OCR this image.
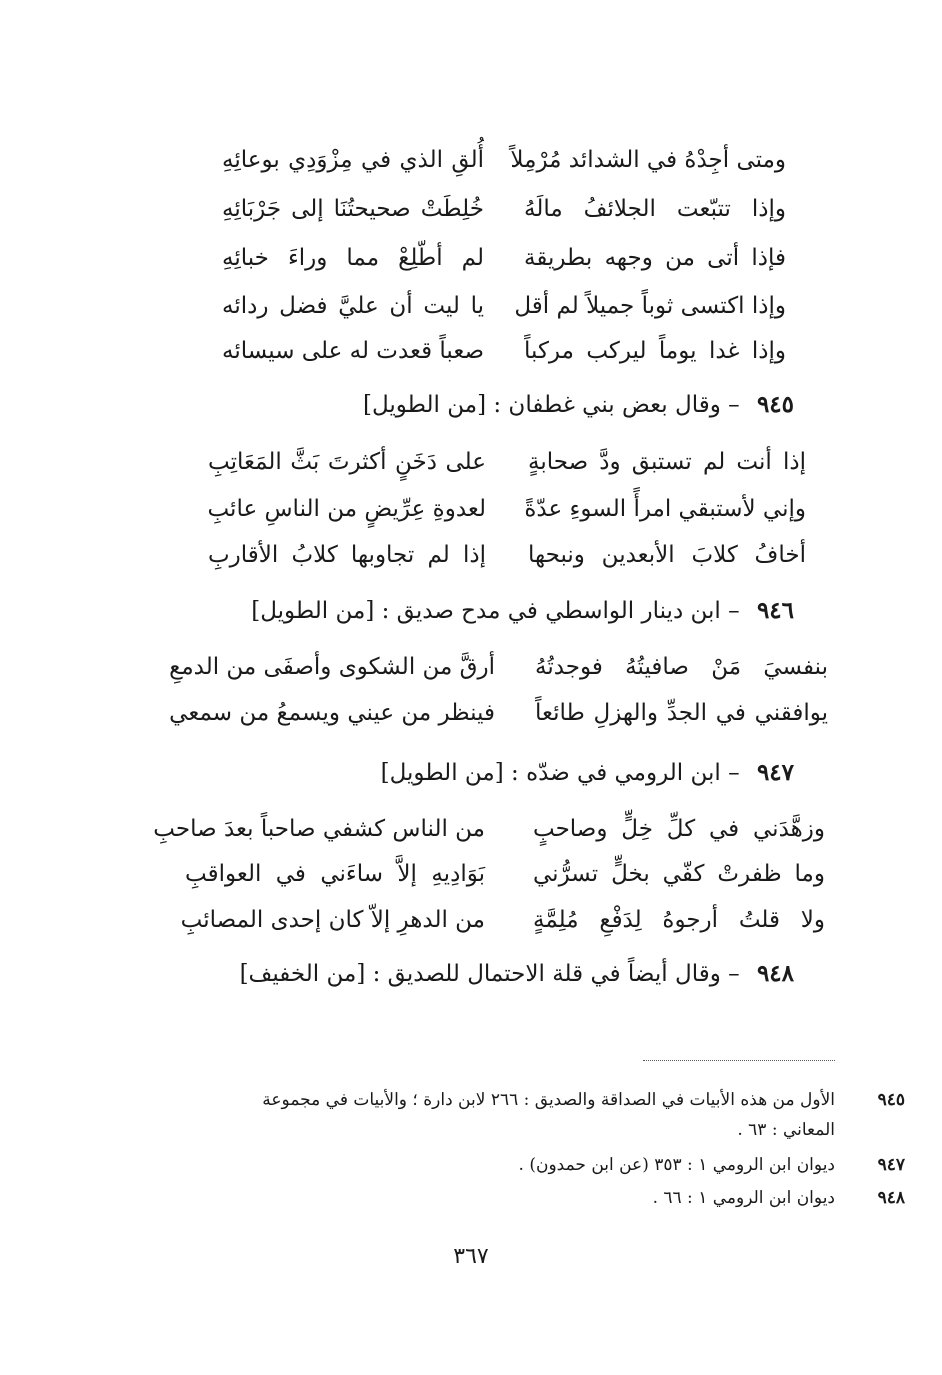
ومتى أجِدْهُ في الشدائد مُرْمِلاً
أُلقِ الذي في مِزْوَدِي بوعائِهِ
وإذا تتبّعت الجلائفُ مالَهُ
خُلِطَتْ صحيحتُنَا إلى جَرْبَائِهِ
فإذا أتى من وجهه بطريقة
لم أطّلِعْ مما وراءَ خبائِهِ
وإذا اكتسى ثوباً جميلاً لم أقل
يا ليت أن عليَّ فضل ردائه
وإذا غدا يوماً ليركب مركباً
صعباً قعدت له على سيسائه
٩٤٥ – وقال بعض بني غطفان : [من الطويل]
إذا أنت لم تستبق ودَّ صحابةٍ
على دَخَنٍ أكثرتَ بَثَّ المَعَاتِبِ
وإني لأستبقي امرأً السوءِ عدّةً
لعدوةِ عِرِّيضٍ من الناسِ عائبِ
أخافُ كلابَ الأبعدين ونبحها
إذا لم تجاوبها كلابُ الأقاربِ
٩٤٦ – ابن دينار الواسطي في مدح صديق : [من الطويل]
بنفسيَ مَنْ صافيتُهُ فوجدتُهُ
أرقَّ من الشكوى وأصفَى من الدمعِ
يوافقني في الجدِّ والهزلِ طائعاً
فينظر من عيني ويسمعُ من سمعي
٩٤٧ – ابن الرومي في ضدّه : [من الطويل]
وزهَّدَني في كلِّ خِلٍّ وصاحبٍ
من الناس كشفي صاحباً بعدَ صاحبِ
وما ظفرتْ كفّي بخلٍّ تسرُّني
بَوَادِيهِ إلاَّ ساءَني في العواقبِ
ولا قلتُ أرجوهُ لِدَفْعِ مُلِمَّةٍ
من الدهرِ إلاّ كان إحدى المصائبِ
٩٤٨ – وقال أيضاً في قلة الاحتمال للصديق : [من الخفيف]
٩٤٥
الأول من هذه الأبيات في الصداقة والصديق : ٢٦٦ لابن دارة ؛ والأبيات في مجموعة
المعاني : ٦٣ .
٩٤٧
ديوان ابن الرومي ١ : ٣٥٣ (عن ابن حمدون) .
٩٤٨
ديوان ابن الرومي ١ : ٦٦ .
٣٦٧
